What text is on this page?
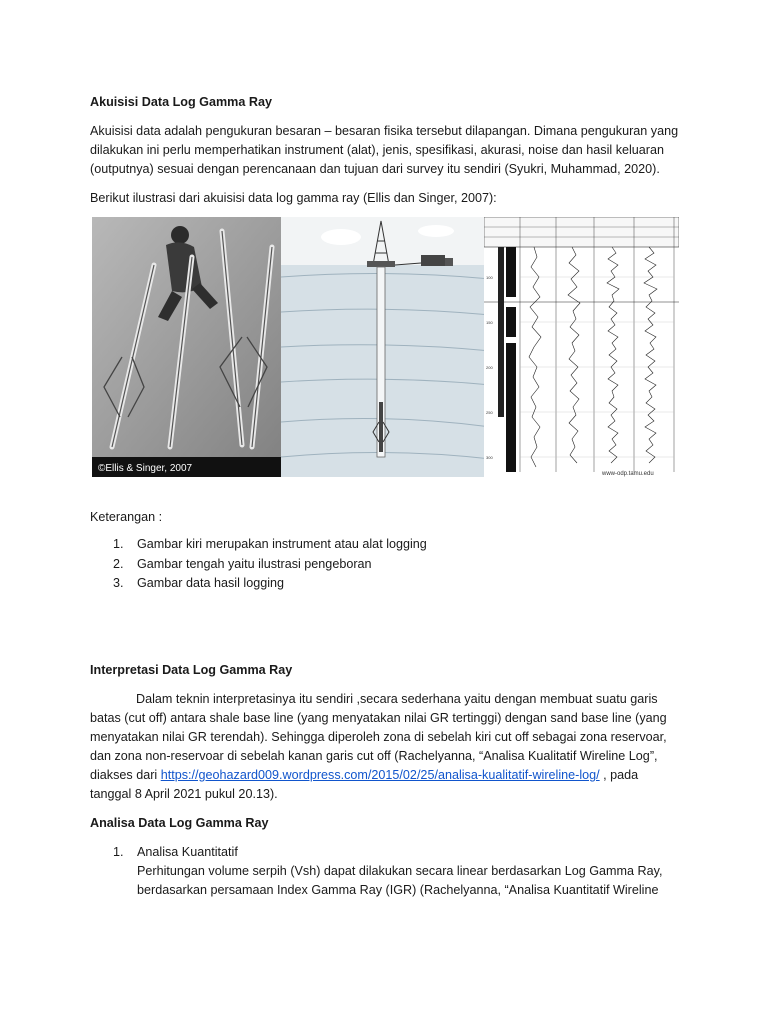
Akuisisi Data Log Gamma Ray
Akuisisi data adalah pengukuran besaran – besaran fisika tersebut dilapangan. Dimana pengukuran yang
dilakukan ini perlu memperhatikan instrument (alat), jenis, spesifikasi, akurasi, noise dan hasil keluaran
(outputnya) sesuai dengan perencanaan dan tujuan dari survey itu sendiri (Syukri, Muhammad, 2020).
Berikut ilustrasi dari akuisisi data log gamma ray (Ellis dan Singer, 2007):
©Ellis & Singer, 2007
100
150
200
250
300
www-odp.tamu.edu
Keterangan :
1. Gambar kiri merupakan instrument atau alat logging
2. Gambar tengah yaitu ilustrasi pengeboran
3. Gambar data hasil logging
Interpretasi Data Log Gamma Ray
Dalam teknin interpretasinya itu sendiri ,secara sederhana yaitu dengan membuat suatu garis
batas (cut off) antara shale base line (yang menyatakan nilai GR tertinggi) dengan sand base line (yang
menyatakan nilai GR terendah). Sehingga diperoleh zona di sebelah kiri cut off sebagai zona reservoar,
dan zona non-reservoar di sebelah kanan garis cut off (Rachelyanna, “Analisa Kualitatif Wireline Log”,
diakses dari https://geohazard009.wordpress.com/2015/02/25/analisa-kualitatif-wireline-log/ , pada
tanggal 8 April 2021 pukul 20.13).
Analisa Data Log Gamma Ray
1. Analisa Kuantitatif
Perhitungan volume serpih (Vsh) dapat dilakukan secara linear berdasarkan Log Gamma Ray,
berdasarkan persamaan Index Gamma Ray (IGR) (Rachelyanna, “Analisa Kuantitatif Wireline
